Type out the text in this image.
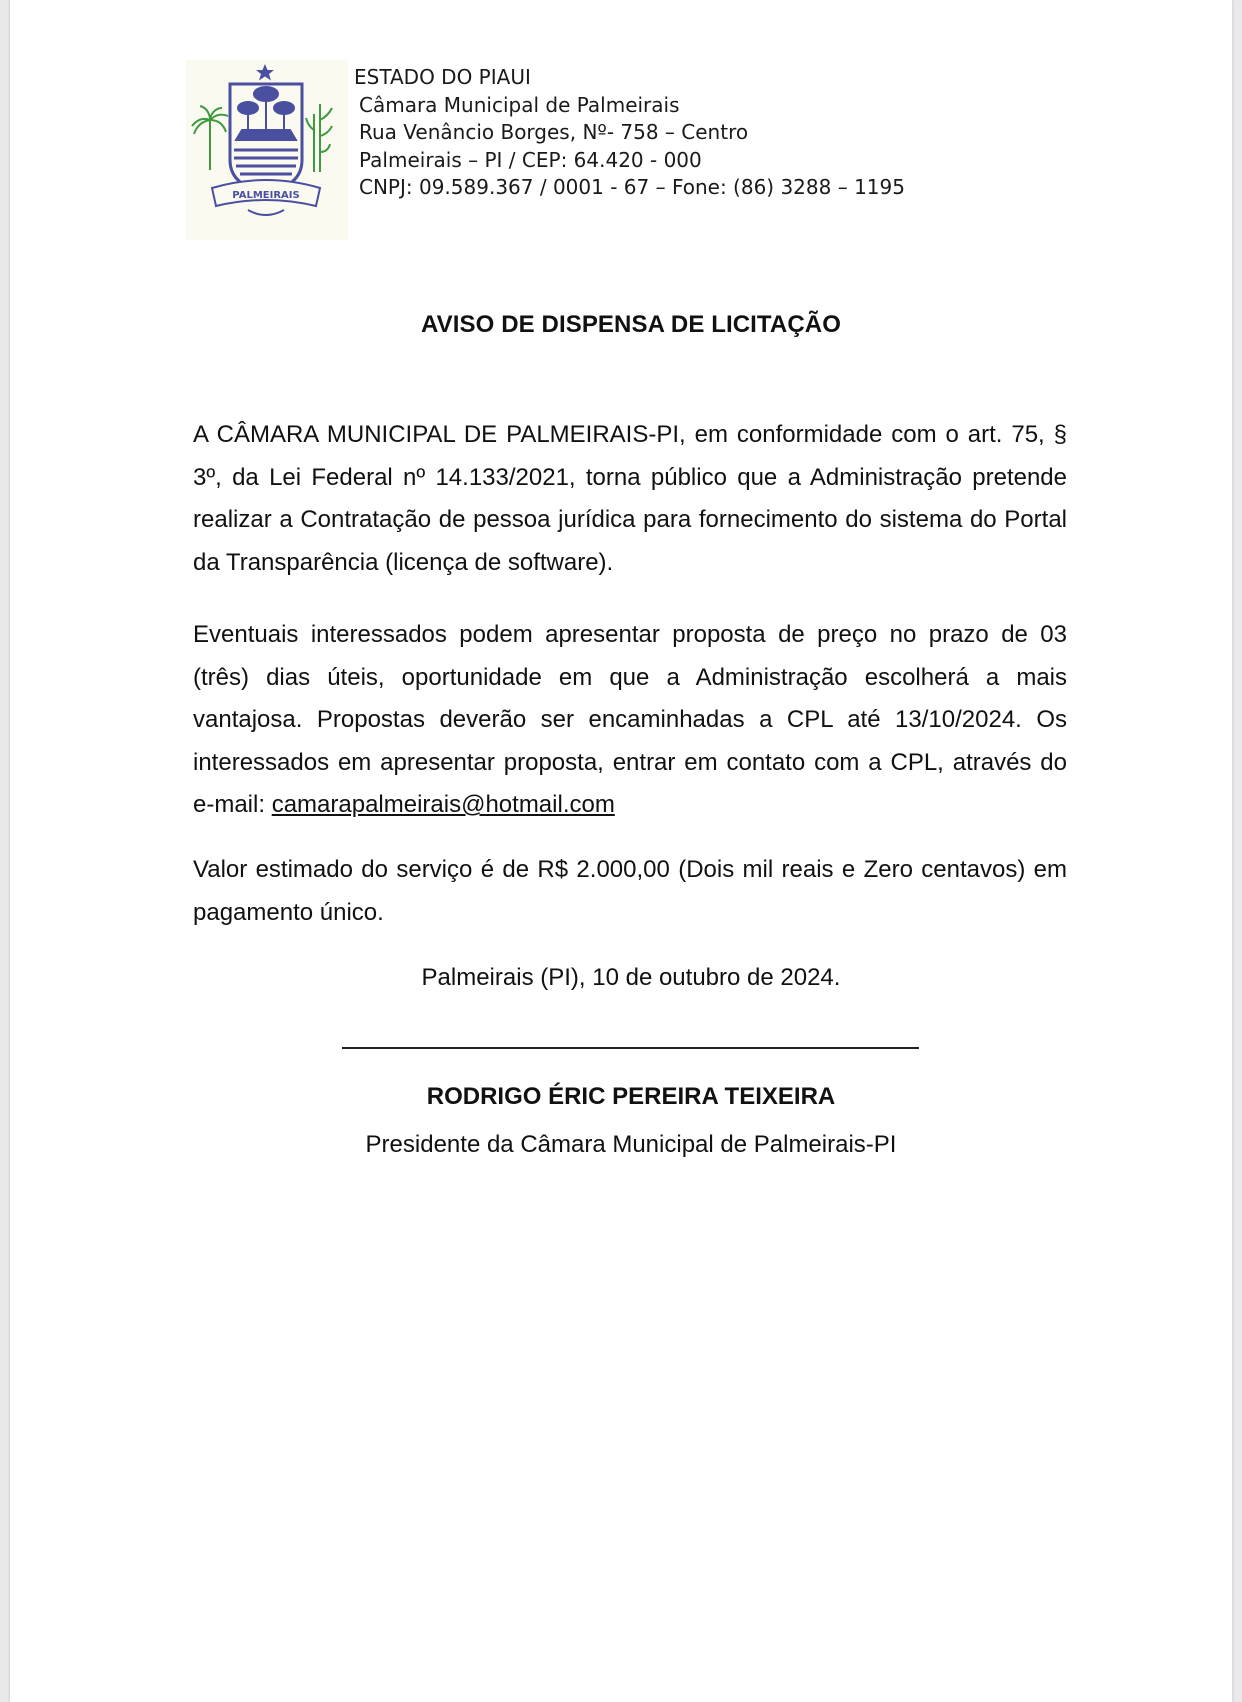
PALMEIRAIS
ESTADO DO PIAUI
Câmara Municipal de Palmeirais
Rua Venâncio Borges, Nº- 758 – Centro
Palmeirais – PI / CEP: 64.420 - 000
CNPJ: 09.589.367 / 0001 - 67 – Fone: (86) 3288 – 1195
AVISO DE DISPENSA DE LICITAÇÃO

A CÂMARA MUNICIPAL DE PALMEIRAIS-PI, em conformidade com o art. 75, § 3º, da Lei Federal nº 14.133/2021, torna público que a Administração pretende realizar a Contratação de pessoa jurídica para fornecimento do sistema do Portal da Transparência (licença de software).

Eventuais interessados podem apresentar proposta de preço no prazo de 03 (três) dias úteis, oportunidade em que a Administração escolherá a mais vantajosa. Propostas deverão ser encaminhadas a CPL até 13/10/2024. Os interessados em apresentar proposta, entrar em contato com a CPL, através do e-mail: camarapalmeirais@hotmail.com

Valor estimado do serviço é de R$ 2.000,00 (Dois mil reais e Zero centavos) em pagamento único.

Palmeirais (PI), 10 de outubro de 2024.
RODRIGO ÉRIC PEREIRA TEIXEIRA
Presidente da Câmara Municipal de Palmeirais-PI
